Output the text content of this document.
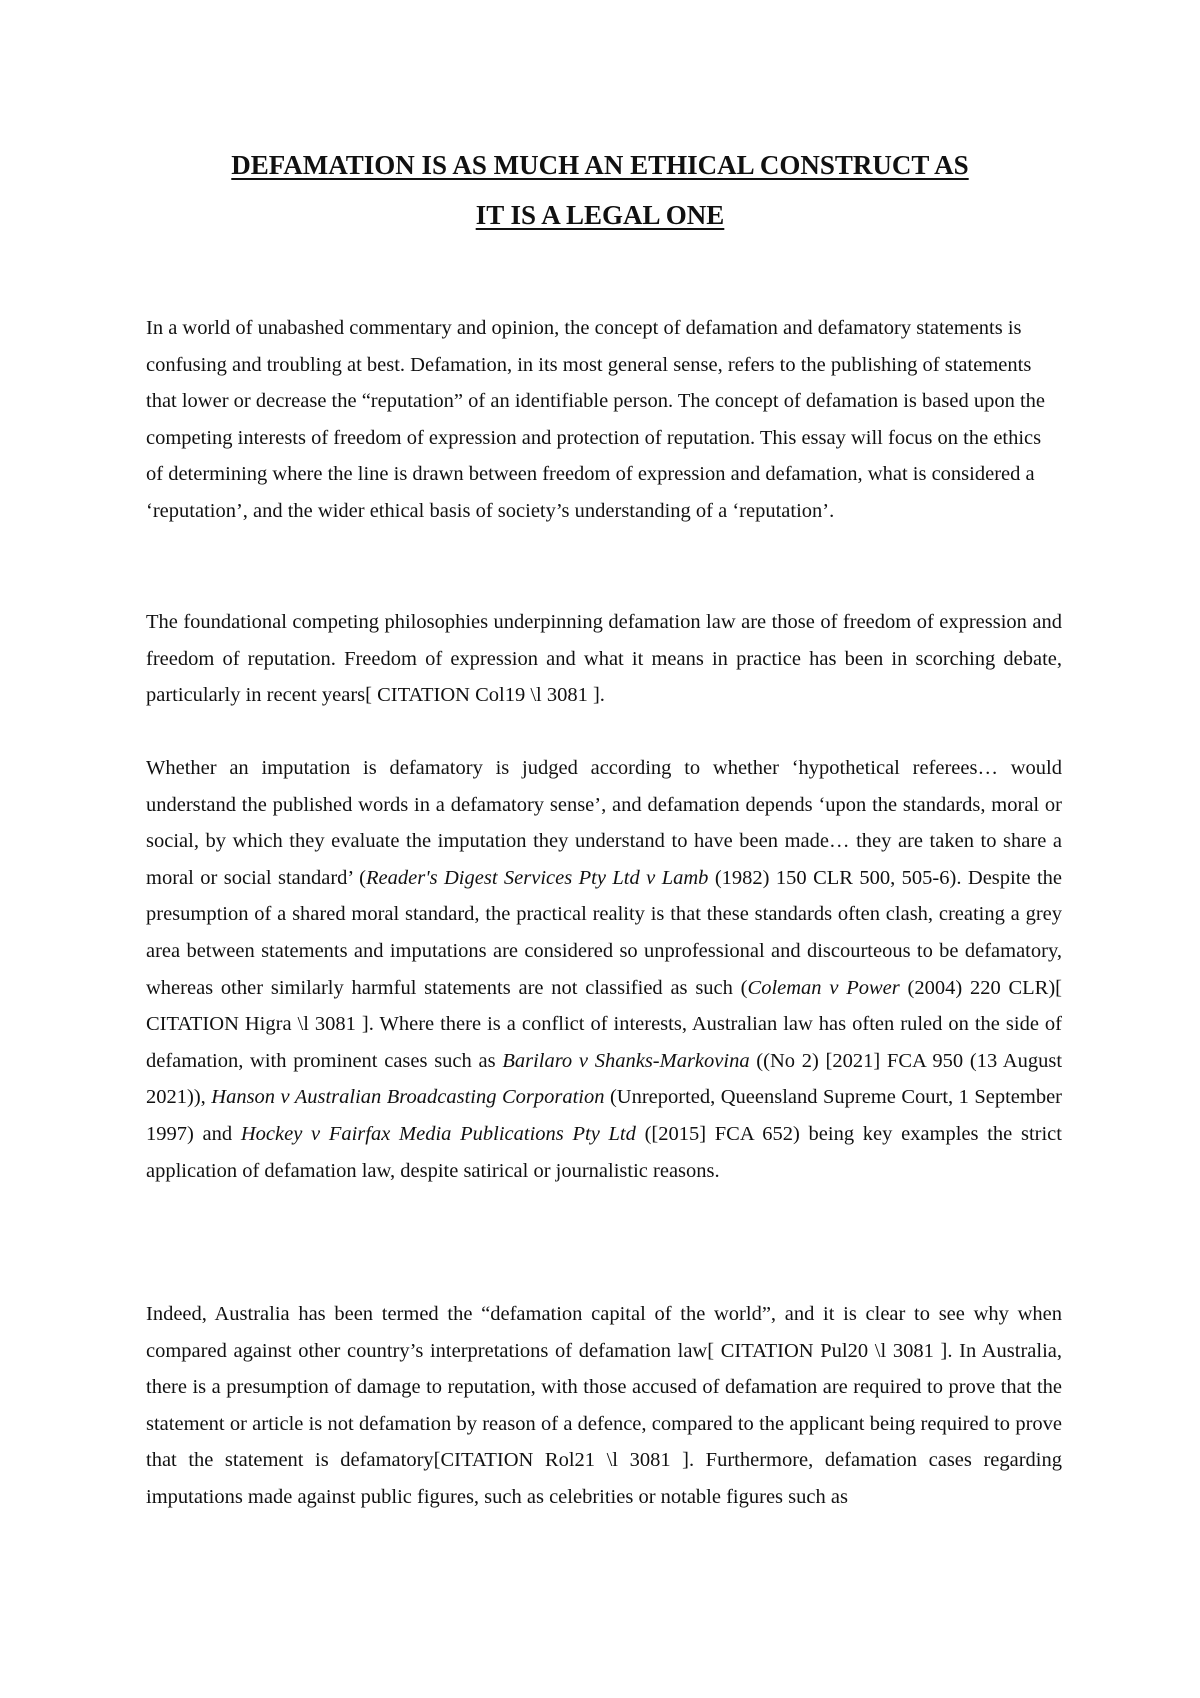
DEFAMATION IS AS MUCH AN ETHICAL CONSTRUCT AS
IT IS A LEGAL ONE

In a world of unabashed commentary and opinion, the concept of defamation and defamatory statements is confusing and troubling at best. Defamation, in its most general sense, refers to the publishing of statements that lower or decrease the “reputation” of an identifiable person. The concept of defamation is based upon the competing interests of freedom of expression and protection of reputation. This essay will focus on the ethics of determining where the line is drawn between freedom of expression and defamation, what is considered a ‘reputation’, and the wider ethical basis of society’s understanding of a ‘reputation’.

The foundational competing philosophies underpinning defamation law are those of freedom of expression and freedom of reputation. Freedom of expression and what it means in practice has been in scorching debate, particularly in recent years[ CITATION Col19 \l 3081 ].

Whether an imputation is defamatory is judged according to whether ‘hypothetical referees… would understand the published words in a defamatory sense’, and defamation depends ‘upon the standards, moral or social, by which they evaluate the imputation they understand to have been made… they are taken to share a moral or social standard’ (Reader's Digest Services Pty Ltd v Lamb (1982) 150 CLR 500, 505-6). Despite the presumption of a shared moral standard, the practical reality is that these standards often clash, creating a grey area between statements and imputations are considered so unprofessional and discourteous to be defamatory, whereas other similarly harmful statements are not classified as such (Coleman v Power (2004) 220 CLR)[ CITATION Higra \l 3081 ]. Where there is a conflict of interests, Australian law has often ruled on the side of defamation, with prominent cases such as Barilaro v Shanks-Markovina ((No 2) [2021] FCA 950 (13 August 2021)), Hanson v Australian Broadcasting Corporation (Unreported, Queensland Supreme Court, 1 September 1997) and Hockey v Fairfax Media Publications Pty Ltd ([2015] FCA 652) being key examples the strict application of defamation law, despite satirical or journalistic reasons.

Indeed, Australia has been termed the “defamation capital of the world”, and it is clear to see why when compared against other country’s interpretations of defamation law[ CITATION Pul20 \l 3081 ]. In Australia, there is a presumption of damage to reputation, with those accused of defamation are required to prove that the statement or article is not defamation by reason of a defence, compared to the applicant being required to prove that the statement is defamatory[CITATION Rol21 \l 3081 ]. Furthermore, defamation cases regarding imputations made against public figures, such as celebrities or notable figures such as
